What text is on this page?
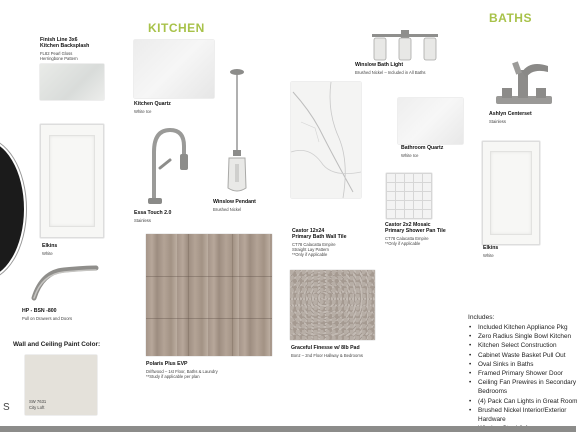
KITCHEN
BATHS
Finish Line 3x6
Kitchen Backsplash
FL82 Pearl Gloss
Herringbone Pattern
Kitchen Quartz
White Ice
Elkins
White
Essa Touch 2.0
Stainless
Winslow Pendant
Brushed Nickel
HP - BSN -800
Pull on Drawers and Doors
Wall and Ceiling Paint Color:
SW 7631
City Loft
S
Polaris Plus EVP
Driftwood – 1st Floor, Baths & Laundry
**Study if applicable per plan
Castor 12x24
Primary Bath Wall Tile
CT78 Calacatta Empire
Straight Lay Pattern
**Only if Applicable
Graceful Finesse w/ 8lb Pad
Bonz – 2nd Floor Hallway & Bedrooms
Winslow Bath Light
Brushed Nickel – Included in All Baths
Ashlyn Centerset
Stainless
Bathroom Quartz
White Ice
Castor 2x2 Mosaic
Primary Shower Pan Tile
CT78 Calacatta Empire
**Only if Applicable
Elkins
White
Includes:
• Included Kitchen Appliance Pkg
• Zero Radius Single Bowl Kitchen
• Kitchen Select Construction
• Cabinet Waste Basket Pull Out
• Oval Sinks in Baths
• Framed Primary Shower Door
• Ceiling Fan Prewires in Secondary
Bedrooms
• (4) Pack Can Lights in Great Room
• Brushed Nickel Interior/Exterior
Hardware
•
